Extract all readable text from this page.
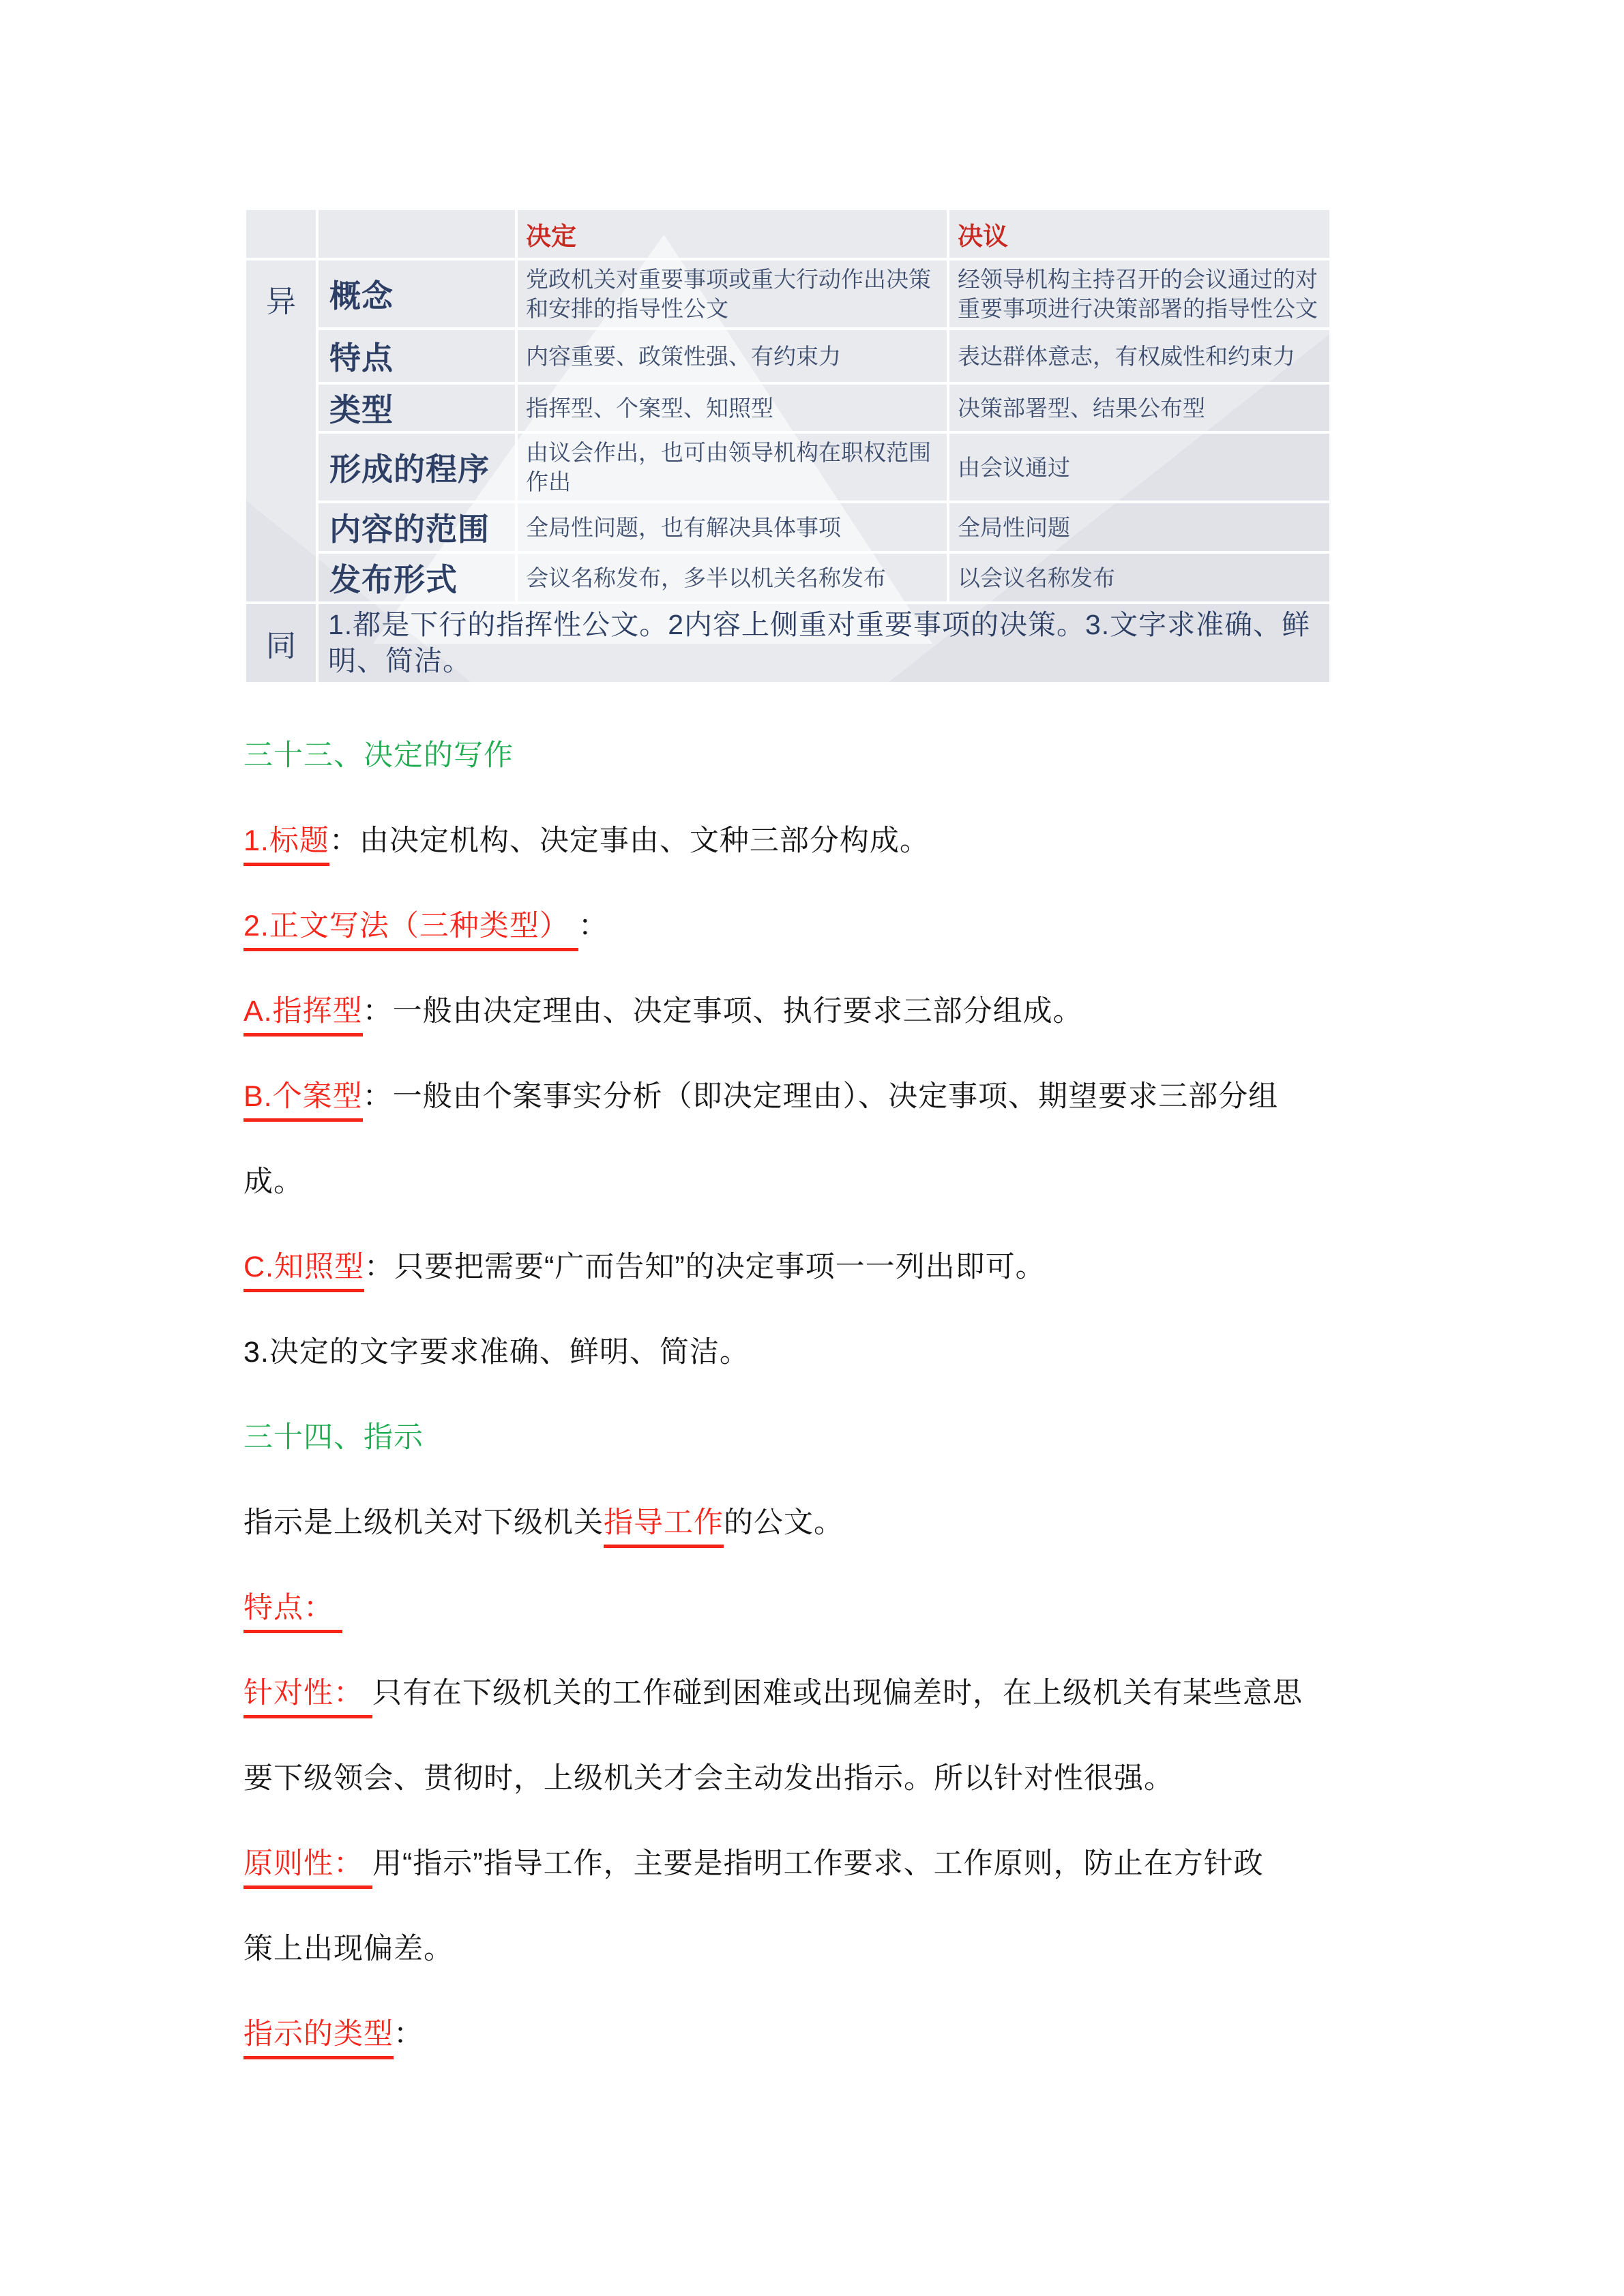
		决定	决议
异	概念	党政机关对重要事项或重大行动作出决策和安排的指导性公文	经领导机构主持召开的会议通过的对重要事项进行决策部署的指导性公文
	特点	内容重要、政策性强、有约束力	表达群体意志，有权威性和约束力
	类型	指挥型、个案型、知照型	决策部署型、结果公布型
	形成的程序	由议会作出，也可由领导机构在职权范围作出	由会议通过
	内容的范围	全局性问题，也有解决具体事项	全局性问题
	发布形式	会议名称发布，多半以机关名称发布	以会议名称发布
同	1.都是下行的指挥性公文。2内容上侧重对重要事项的决策。3.文字求准确、鲜明、简洁。		
三十三、决定的写作
1.标题：由决定机构、决定事由、文种三部分构成。
2.正文写法（三种类型） ：
A.指挥型：一般由决定理由、决定事项、执行要求三部分组成。
B.个案型：一般由个案事实分析（即决定理由）、决定事项、期望要求三部分组
成。
C.知照型：只要把需要“广而告知”的决定事项一一列出即可。
3.决定的文字要求准确、鲜明、简洁。
三十四、指示
指示是上级机关对下级机关指导工作的公文。
特点：
针对性： 只有在下级机关的工作碰到困难或出现偏差时，在上级机关有某些意思
要下级领会、贯彻时，上级机关才会主动发出指示。所以针对性很强。
原则性： 用“指示”指导工作，主要是指明工作要求、工作原则，防止在方针政
策上出现偏差。
指示的类型：
